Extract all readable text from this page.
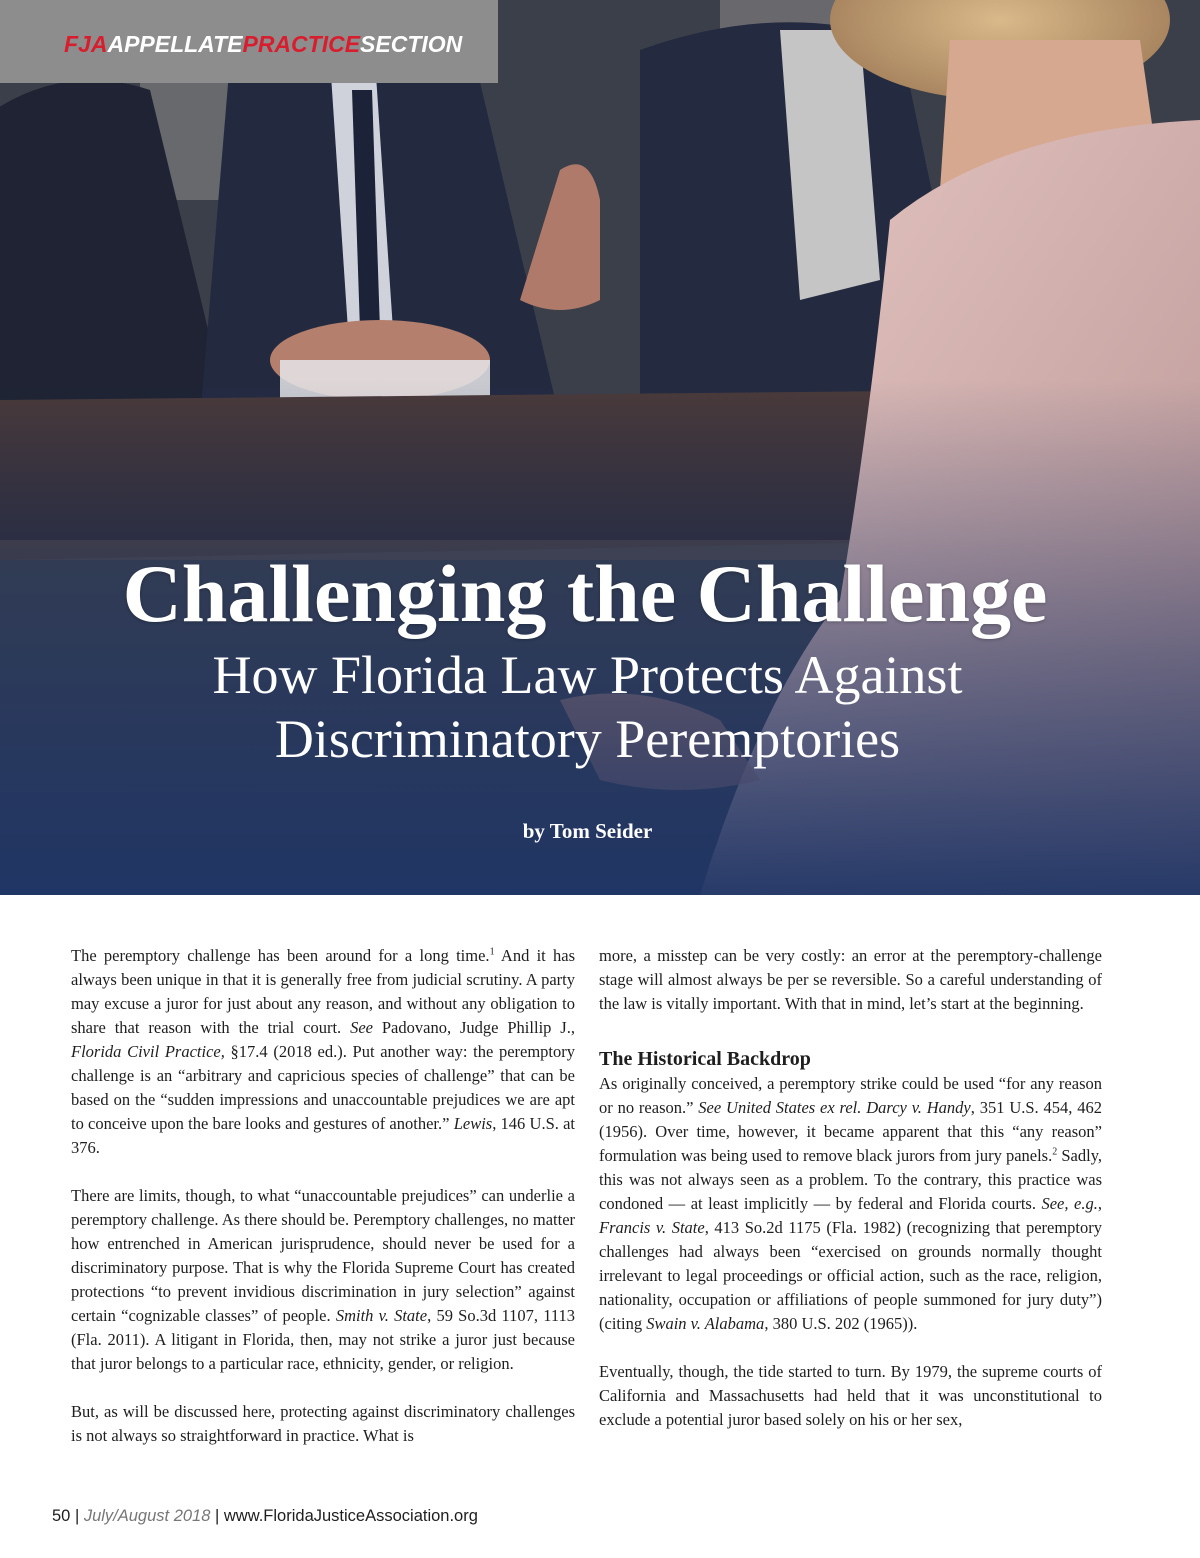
FJAAPPELLATEPRACTICESECTION
Challenging the Challenge
How Florida Law Protects Against
Discriminatory Peremptories
by Tom Seider

The peremptory challenge has been around for a long time.$^1$ And it has always been unique in that it is generally free from judicial scrutiny. A party may excuse a juror for just about any reason, and without any obligation to share that reason with the trial court. See Padovano, Judge Phillip J., Florida Civil Practice, §17.4 (2018 ed.). Put another way: the peremptory challenge is an “arbitrary and capricious species of challenge” that can be based on the “sudden impressions and unaccountable prejudices we are apt to conceive upon the bare looks and gestures of another.” Lewis, 146 U.S. at 376.

There are limits, though, to what “unaccountable prejudices” can underlie a peremptory challenge. As there should be. Peremptory challenges, no matter how entrenched in American jurisprudence, should never be used for a discriminatory purpose. That is why the Florida Supreme Court has created protections “to prevent invidious discrimination in jury selection” against certain “cognizable classes” of people. Smith v. State, 59 So.3d 1107, 1113 (Fla. 2011). A litigant in Florida, then, may not strike a juror just because that juror belongs to a particular race, ethnicity, gender, or religion.

But, as will be discussed here, protecting against discriminatory challenges is not always so straightforward in practice. What is

more, a misstep can be very costly: an error at the peremptory-challenge stage will almost always be per se reversible. So a careful understanding of the law is vitally important. With that in mind, let’s start at the beginning.

The Historical Backdrop

As originally conceived, a peremptory strike could be used “for any reason or no reason.” See United States ex rel. Darcy v. Handy, 351 U.S. 454, 462 (1956). Over time, however, it became apparent that this “any reason” formulation was being used to remove black jurors from jury panels.$^2$ Sadly, this was not always seen as a problem. To the contrary, this practice was condoned — at least implicitly — by federal and Florida courts. See, e.g., Francis v. State, 413 So.2d 1175 (Fla. 1982) (recognizing that peremptory challenges had always been “exercised on grounds normally thought irrelevant to legal proceedings or official action, such as the race, religion, nationality, occupation or affiliations of people summoned for jury duty”) (citing Swain v. Alabama, 380 U.S. 202 (1965)).

Eventually, though, the tide started to turn. By 1979, the supreme courts of California and Massachusetts had held that it was unconstitutional to exclude a potential juror based solely on his or her sex,

50 | July/August 2018 | www.FloridaJusticeAssociation.org
